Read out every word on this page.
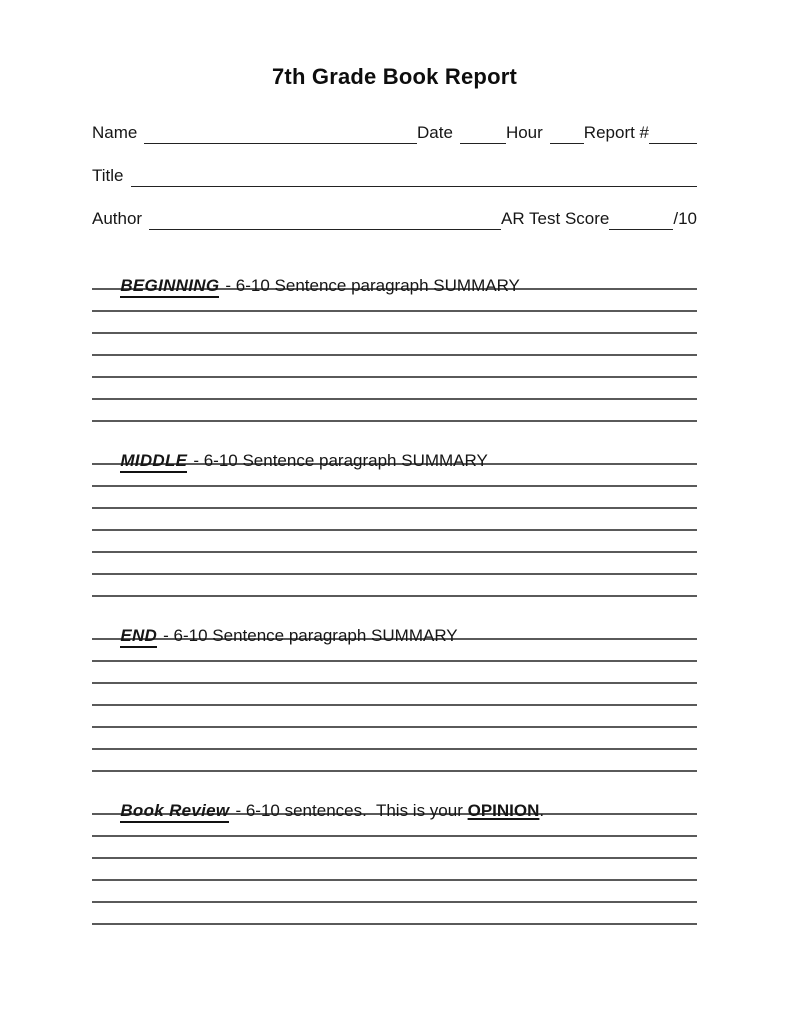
7th Grade Book Report
Name	Date	Hour	Report #
Title
Author	AR Test Score	/10

BEGINNING - 6-10 Sentence paragraph SUMMARY

MIDDLE - 6-10 Sentence paragraph SUMMARY

END - 6-10 Sentence paragraph SUMMARY

Book Review - 6-10 sentences.  This is your OPINION.
